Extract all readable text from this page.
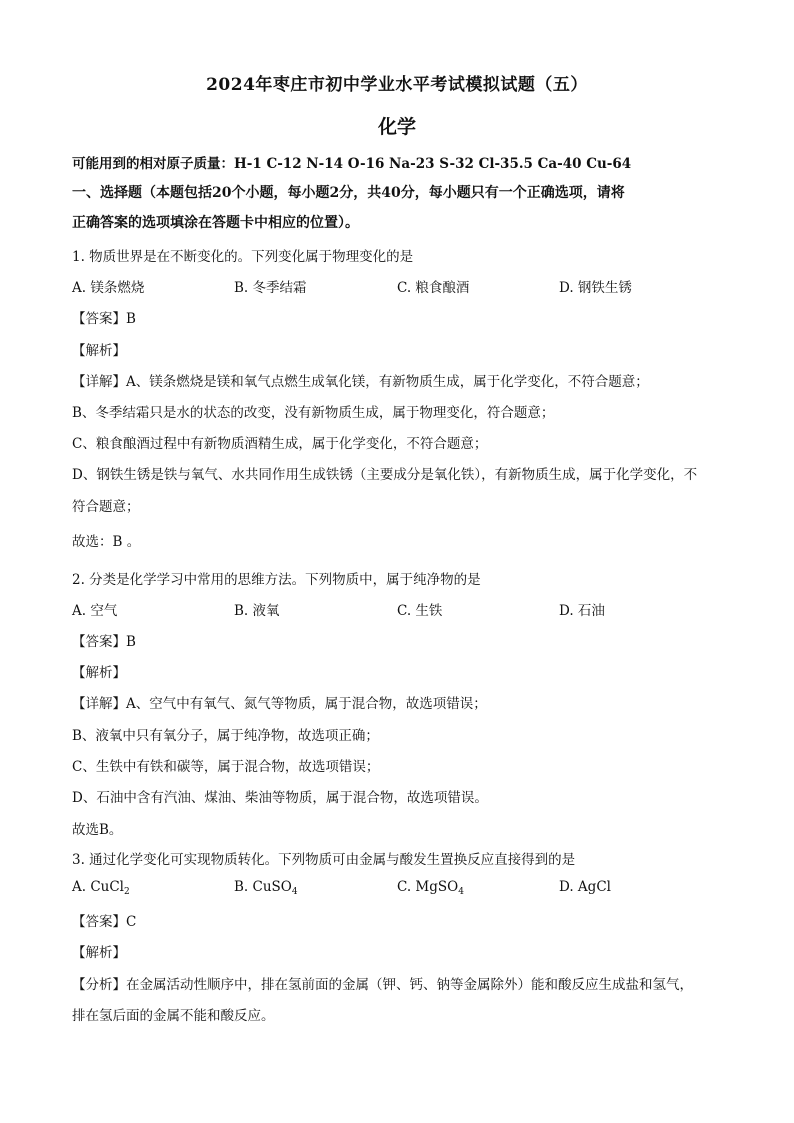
2024年枣庄市初中学业水平考试模拟试题（五）
化学
可能用到的相对原子质量：H-1 C-12 N-14 O-16 Na-23 S-32 Cl-35.5 Ca-40 Cu-64
一、选择题（本题包括20个小题，每小题2分，共40分，每小题只有一个正确选项，请将
正确答案的选项填涂在答题卡中相应的位置）。
1. 物质世界是在不断变化的。下列变化属于物理变化的是
A. 镁条燃烧	B. 冬季结霜	C. 粮食酿酒	D. 钢铁生锈
【答案】B
【解析】
【详解】A、镁条燃烧是镁和氧气点燃生成氧化镁，有新物质生成，属于化学变化，不符合题意；
B、冬季结霜只是水的状态的改变，没有新物质生成，属于物理变化，符合题意；
C、粮食酿酒过程中有新物质酒精生成，属于化学变化，不符合题意；
D、钢铁生锈是铁与氧气、水共同作用生成铁锈（主要成分是氧化铁），有新物质生成，属于化学变化，不
符合题意；
故选：B 。
2. 分类是化学学习中常用的思维方法。下列物质中，属于纯净物的是
A. 空气	B. 液氧	C. 生铁	D. 石油
【答案】B
【解析】
【详解】A、空气中有氧气、氮气等物质，属于混合物，故选项错误；
B、液氧中只有氧分子，属于纯净物，故选项正确；
C、生铁中有铁和碳等，属于混合物，故选项错误；
D、石油中含有汽油、煤油、柴油等物质，属于混合物，故选项错误。
故选B。
3. 通过化学变化可实现物质转化。下列物质可由金属与酸发生置换反应直接得到的是
A. CuCl$_2$	B. CuSO$_4$	C. MgSO$_4$	D. AgCl
【答案】C
【解析】
【分析】在金属活动性顺序中，排在氢前面的金属（钾、钙、钠等金属除外）能和酸反应生成盐和氢气，
排在氢后面的金属不能和酸反应。
